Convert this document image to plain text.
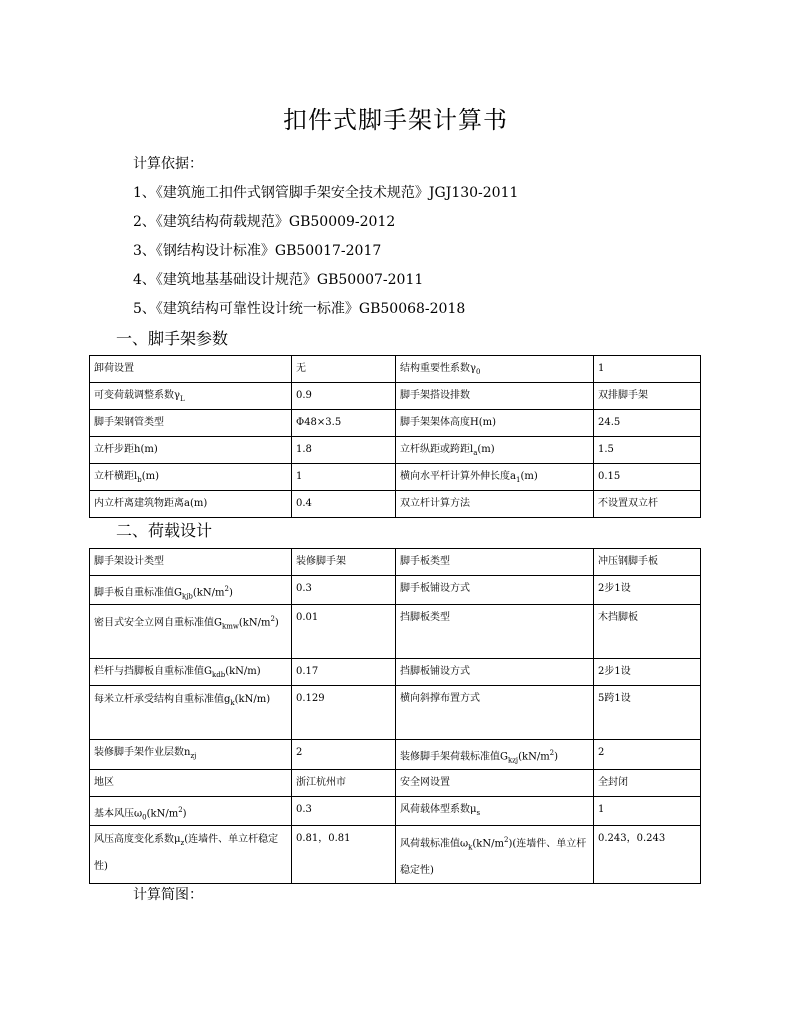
扣件式脚手架计算书
计算依据：
1、《建筑施工扣件式钢管脚手架安全技术规范》JGJ130-2011
2、《建筑结构荷载规范》GB50009-2012
3、《钢结构设计标准》GB50017-2017
4、《建筑地基基础设计规范》GB50007-2011
5、《建筑结构可靠性设计统一标准》GB50068-2018
一、脚手架参数
卸荷设置	无	结构重要性系数$\gamma_0$	1
可变荷载调整系数$\gamma_L$	0.9	脚手架搭设排数	双排脚手架
脚手架钢管类型	Φ48×3.5	脚手架架体高度H(m)	24.5
立杆步距h(m)	1.8	立杆纵距或跨距$l_a(m)$	1.5
立杆横距$l_b(m)$	1	横向水平杆计算外伸长度$a_1(m)$	0.15
内立杆离建筑物距离a(m)	0.4	双立杆计算方法	不设置双立杆
二、荷载设计
脚手架设计类型	装修脚手架	脚手板类型	冲压钢脚手板
脚手板自重标准值$G_{kjb}(kN/m^2)$	0.3	脚手板铺设方式	2步1设
密目式安全立网自重标准值$G_{kmw}(kN/m^2)$	0.01	挡脚板类型	木挡脚板
栏杆与挡脚板自重标准值$G_{kdb}(kN/m)$	0.17	挡脚板铺设方式	2步1设
每米立杆承受结构自重标准值$g_k(kN/m)$	0.129	横向斜撑布置方式	5跨1设
装修脚手架作业层数$n_{zj}$	2	装修脚手架荷载标准值$G_{kzj}(kN/m^2)$	2
地区	浙江杭州市	安全网设置	全封闭
基本风压$\omega_0(kN/m^2)$	0.3	风荷载体型系数$\mu_s$	1
风压高度变化系数$\mu_z$(连墙件、单立杆稳定性)	0.81，0.81	风荷载标准值$\omega_k(kN/m^2)$(连墙件、单立杆稳定性)	0.243，0.243
计算简图：
